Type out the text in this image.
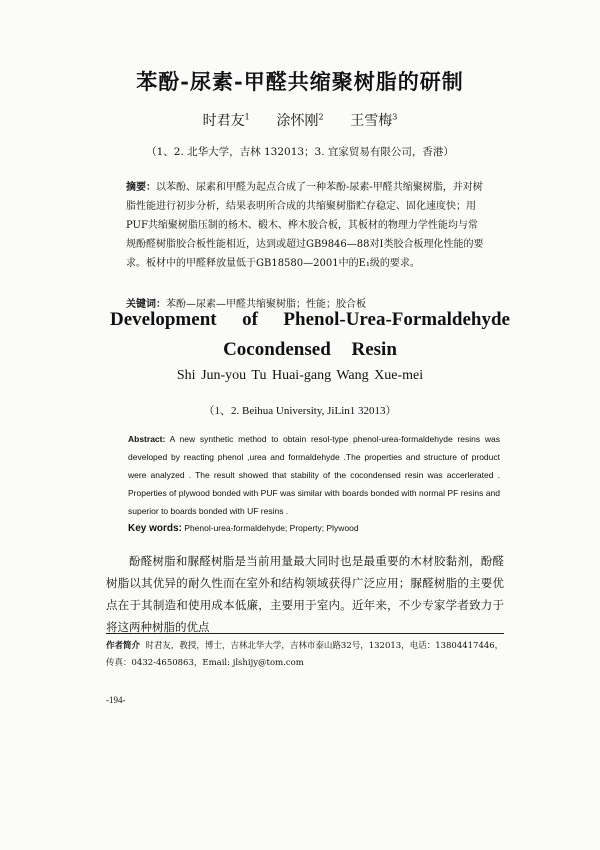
苯酚-尿素-甲醛共缩聚树脂的研制
时君友$^1$ 涂怀刚$^2$ 王雪梅$^3$
（1、2. 北华大学，吉林 132013；3. 宜家贸易有限公司，香港）
摘要：以苯酚、尿素和甲醛为起点合成了一种苯酚-尿素-甲醛共缩聚树脂，并对树脂性能进行初步分析，结果表明所合成的共缩聚树脂贮存稳定、固化速度快；用PUF共缩聚树脂压制的杨木、椴木、桦木胶合板，其板材的物理力学性能均与常规酚醛树脂胶合板性能相近，达到或超过GB9846—88对Ⅰ类胶合板理化性能的要求。板材中的甲醛释放量低于GB18580—2001中的E₁级的要求。
关键词：苯酚—尿素—甲醛共缩聚树脂；性能；胶合板
Development of Phenol-Urea-Formaldehyde
Cocondensed Resin
Shi Jun-you Tu Huai-gang Wang Xue-mei
（1、2. Beihua University, JiLin1 32013）
Abstract: A new synthetic method to obtain resol-type phenol-urea-formaldehyde resins was developed by reacting phenol ,urea and formaldehyde .The properties and structure of product were analyzed . The result showed that stability of the cocondensed resin was accerlerated . Properties of plywood bonded with PUF was similar with boards bonded with normal PF resins and superior to boards bonded with UF resins .
Key words: Phenol-urea-formaldehyde; Property; Plywood
酚醛树脂和脲醛树脂是当前用量最大同时也是最重要的木材胶黏剂，酚醛树脂以其优异的耐久性而在室外和结构领域获得广泛应用；脲醛树脂的主要优点在于其制造和使用成本低廉，主要用于室内。近年来，不少专家学者致力于将这两种树脂的优点
作者简介 时君友，教授，博士，吉林北华大学，吉林市泰山路32号，132013，电话：13804417446，传真：0432-4650863，Email: jlshijy@tom.com
-194-
